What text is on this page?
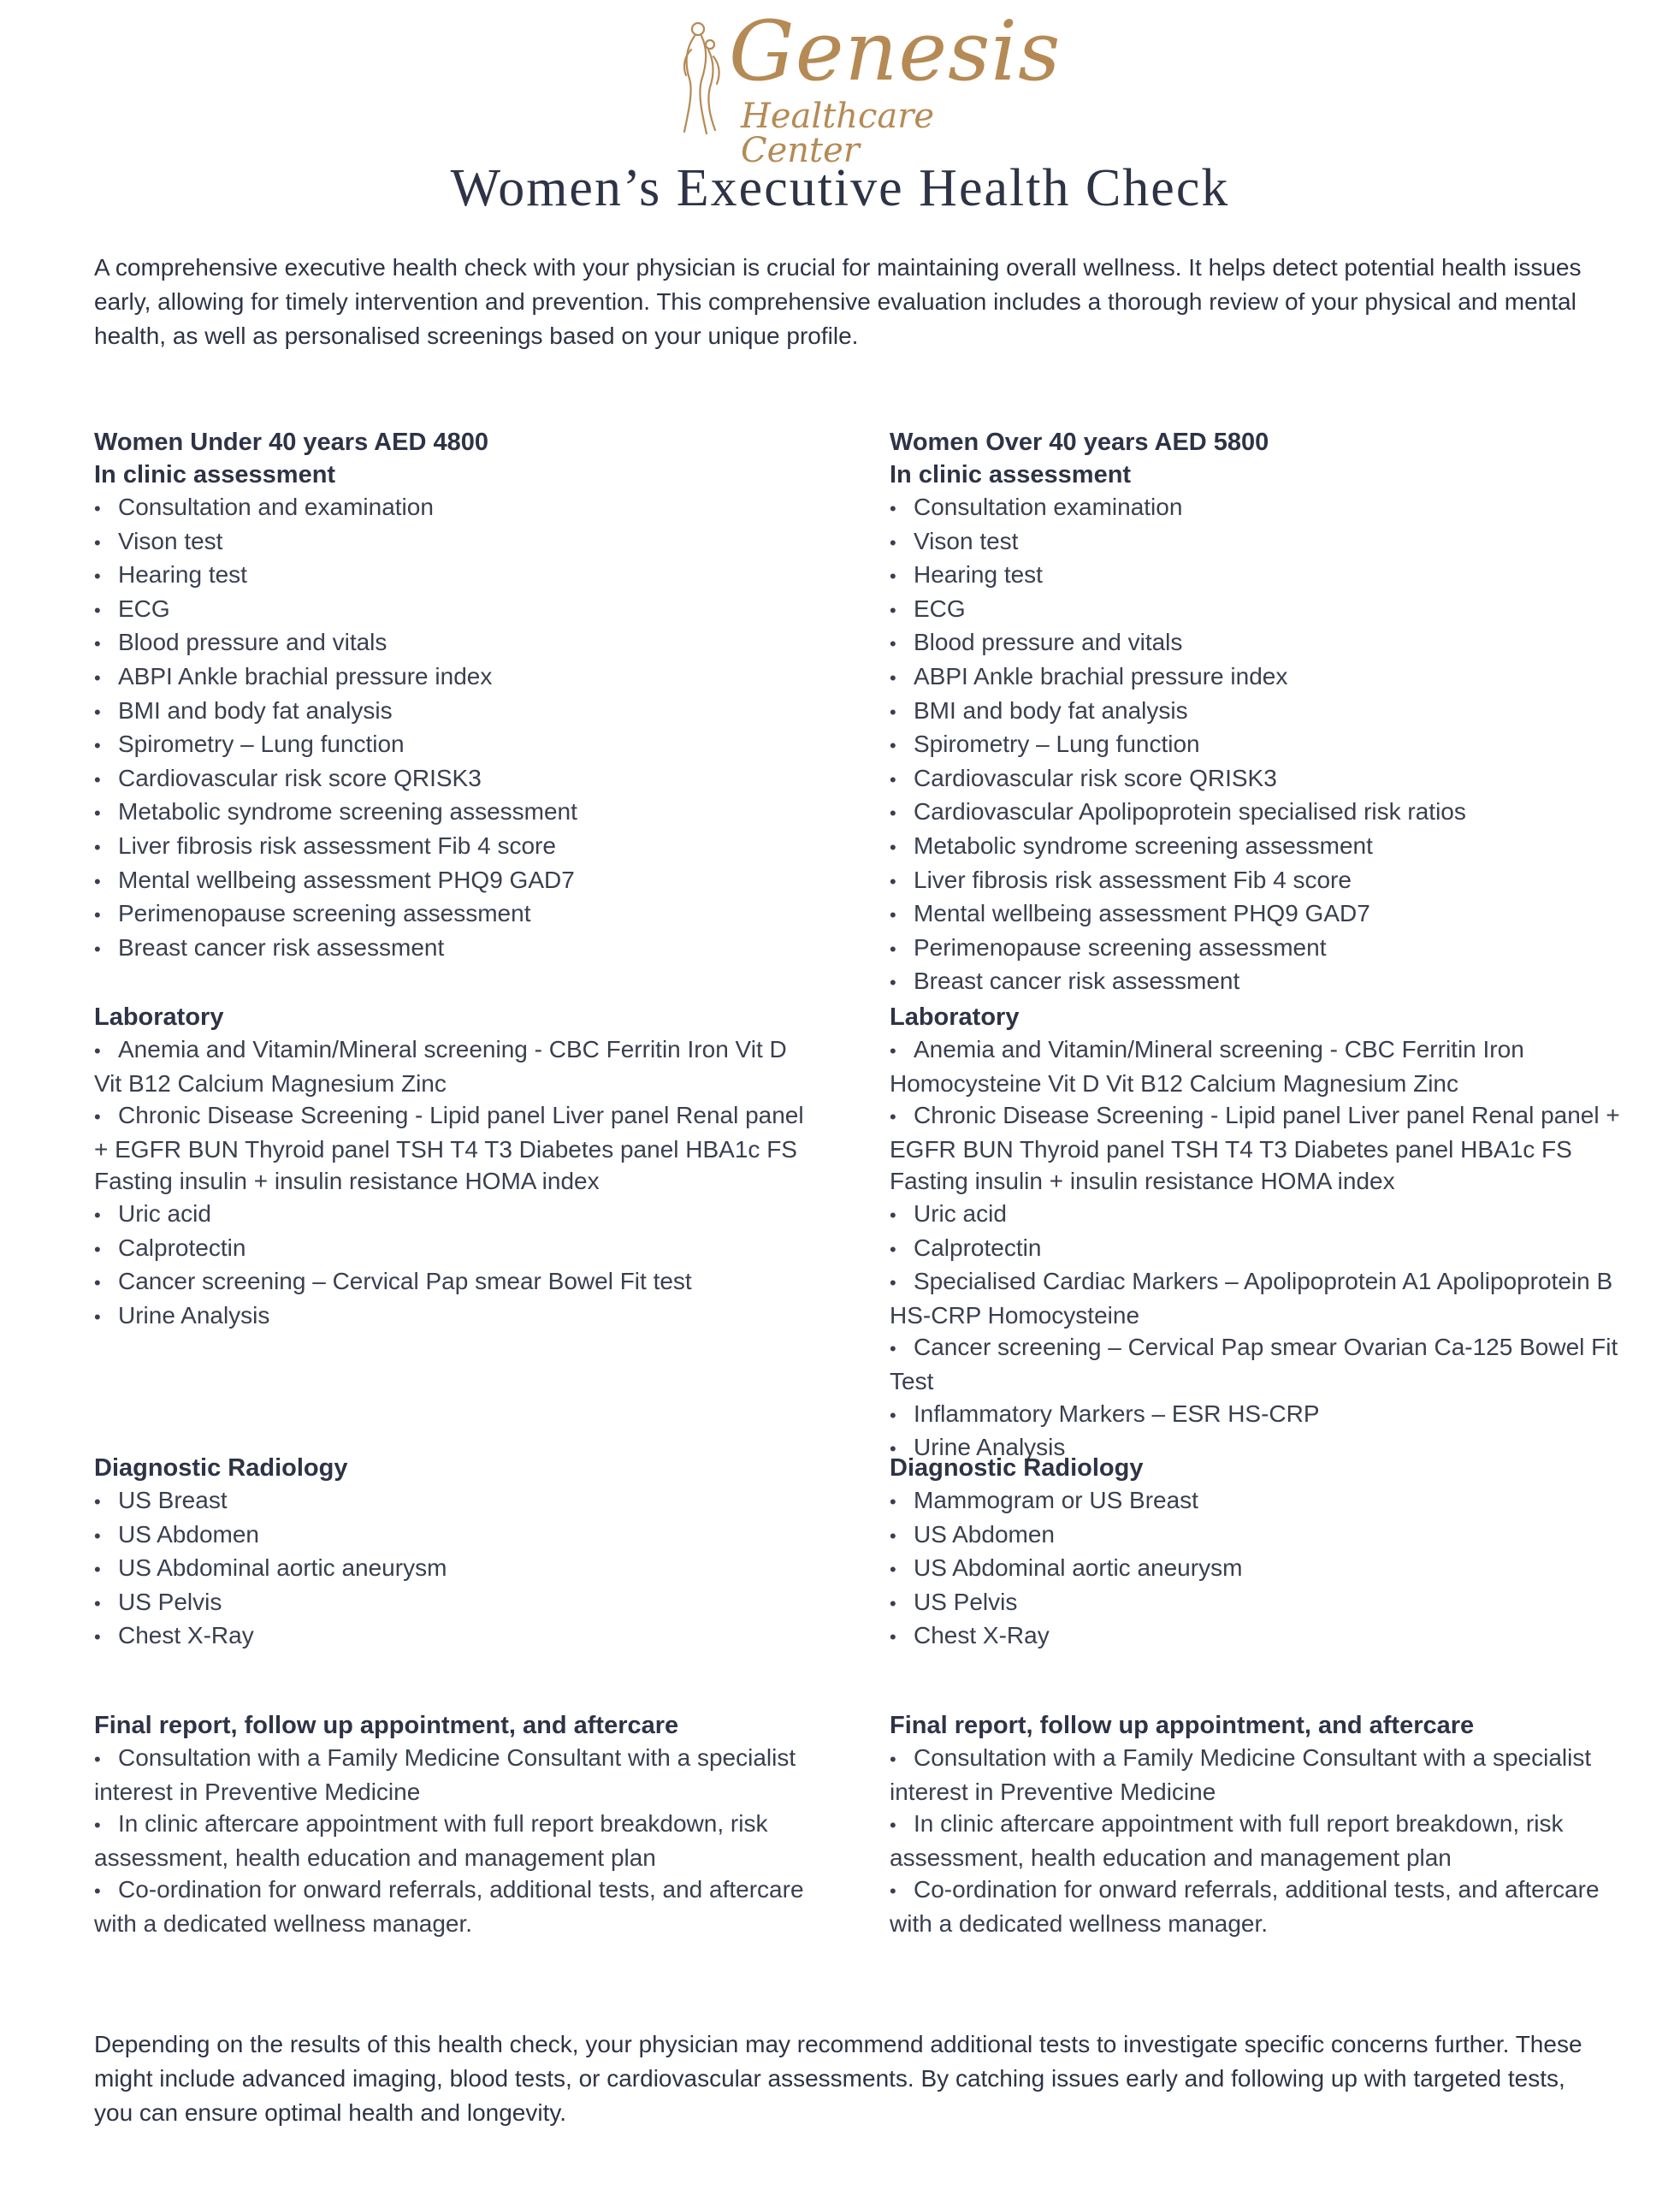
Genesis
Healthcare Center
Women’s Executive Health Check

A comprehensive executive health check with your physician is crucial for maintaining overall wellness. It helps detect potential health issues early, allowing for timely intervention and prevention. This comprehensive evaluation includes a thorough review of your physical and mental health, as well as personalised screenings based on your unique profile.

Women Under 40 years AED 4800
In clinic assessment
• Consultation and examination
• Vison test
• Hearing test
• ECG
• Blood pressure and vitals
• ABPI Ankle brachial pressure index
• BMI and body fat analysis
• Spirometry – Lung function
• Cardiovascular risk score QRISK3
• Metabolic syndrome screening assessment
• Liver fibrosis risk assessment Fib 4 score
• Mental wellbeing assessment PHQ9 GAD7
• Perimenopause screening assessment
• Breast cancer risk assessment
Laboratory
• Anemia and Vitamin/Mineral screening - CBC Ferritin Iron Vit D Vit B12 Calcium Magnesium Zinc
• Chronic Disease Screening - Lipid panel Liver panel Renal panel + EGFR BUN Thyroid panel TSH T4 T3 Diabetes panel HBA1c FS Fasting insulin + insulin resistance HOMA index
• Uric acid
• Calprotectin
• Cancer screening – Cervical Pap smear Bowel Fit test
• Urine Analysis
Diagnostic Radiology
• US Breast
• US Abdomen
• US Abdominal aortic aneurysm
• US Pelvis
• Chest X-Ray
Final report, follow up appointment, and aftercare
• Consultation with a Family Medicine Consultant with a specialist interest in Preventive Medicine
• In clinic aftercare appointment with full report breakdown, risk assessment, health education and management plan
• Co-ordination for onward referrals, additional tests, and aftercare with a dedicated wellness manager.
Women Over 40 years AED 5800
In clinic assessment
• Consultation examination
• Vison test
• Hearing test
• ECG
• Blood pressure and vitals
• ABPI Ankle brachial pressure index
• BMI and body fat analysis
• Spirometry – Lung function
• Cardiovascular risk score QRISK3
• Cardiovascular Apolipoprotein specialised risk ratios
• Metabolic syndrome screening assessment
• Liver fibrosis risk assessment Fib 4 score
• Mental wellbeing assessment PHQ9 GAD7
• Perimenopause screening assessment
• Breast cancer risk assessment
Laboratory
• Anemia and Vitamin/Mineral screening - CBC Ferritin Iron Homocysteine Vit D Vit B12 Calcium Magnesium Zinc
• Chronic Disease Screening - Lipid panel Liver panel Renal panel + EGFR BUN Thyroid panel TSH T4 T3 Diabetes panel HBA1c FS Fasting insulin + insulin resistance HOMA index
• Uric acid
• Calprotectin
• Specialised Cardiac Markers – Apolipoprotein A1 Apolipoprotein B HS-CRP Homocysteine
• Cancer screening – Cervical Pap smear Ovarian Ca-125 Bowel Fit Test
• Inflammatory Markers – ESR HS-CRP
• Urine Analysis
Diagnostic Radiology
• Mammogram or US Breast
• US Abdomen
• US Abdominal aortic aneurysm
• US Pelvis
• Chest X-Ray
Final report, follow up appointment, and aftercare
• Consultation with a Family Medicine Consultant with a specialist interest in Preventive Medicine
• In clinic aftercare appointment with full report breakdown, risk assessment, health education and management plan
• Co-ordination for onward referrals, additional tests, and aftercare with a dedicated wellness manager.

Depending on the results of this health check, your physician may recommend additional tests to investigate specific concerns further. These might include advanced imaging, blood tests, or cardiovascular assessments. By catching issues early and following up with targeted tests, you can ensure optimal health and longevity.
